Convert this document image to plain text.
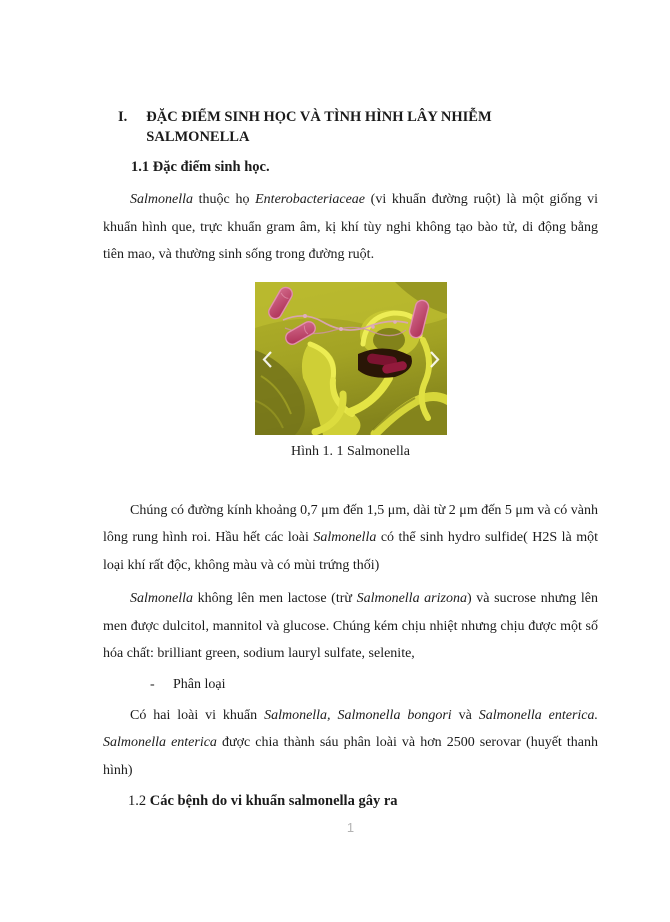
I. ĐẶC ĐIỂM SINH HỌC VÀ TÌNH HÌNH LÂY NHIỄM SALMONELLA
1.1 Đặc điểm sinh học.

Salmonella thuộc họ Enterobacteriaceae (vi khuẩn đường ruột) là một giống vi khuẩn hình que, trực khuẩn gram âm, kị khí tùy nghi không tạo bào tử, di động bằng tiên mao, và thường sinh sống trong đường ruột.

Hình 1. 1 Salmonella

Chúng có đường kính khoảng 0,7 μm đến 1,5 μm, dài từ 2 μm đến 5 μm và có vành lông rung hình roi. Hầu hết các loài Salmonella có thể sinh hydro sulfide( H2S là một loại khí rất độc, không màu và có mùi trứng thối)

Salmonella không lên men lactose (trừ Salmonella arizona) và sucrose nhưng lên men được dulcitol, mannitol và glucose. Chúng kém chịu nhiệt nhưng chịu được một số hóa chất: brilliant green, sodium lauryl sulfate, selenite,

- Phân loại

Có hai loài vi khuẩn Salmonella, Salmonella bongori và Salmonella enterica. Salmonella enterica được chia thành sáu phân loài và hơn 2500 serovar (huyết thanh hình)

1.2 Các bệnh do vi khuẩn salmonella gây ra
1
